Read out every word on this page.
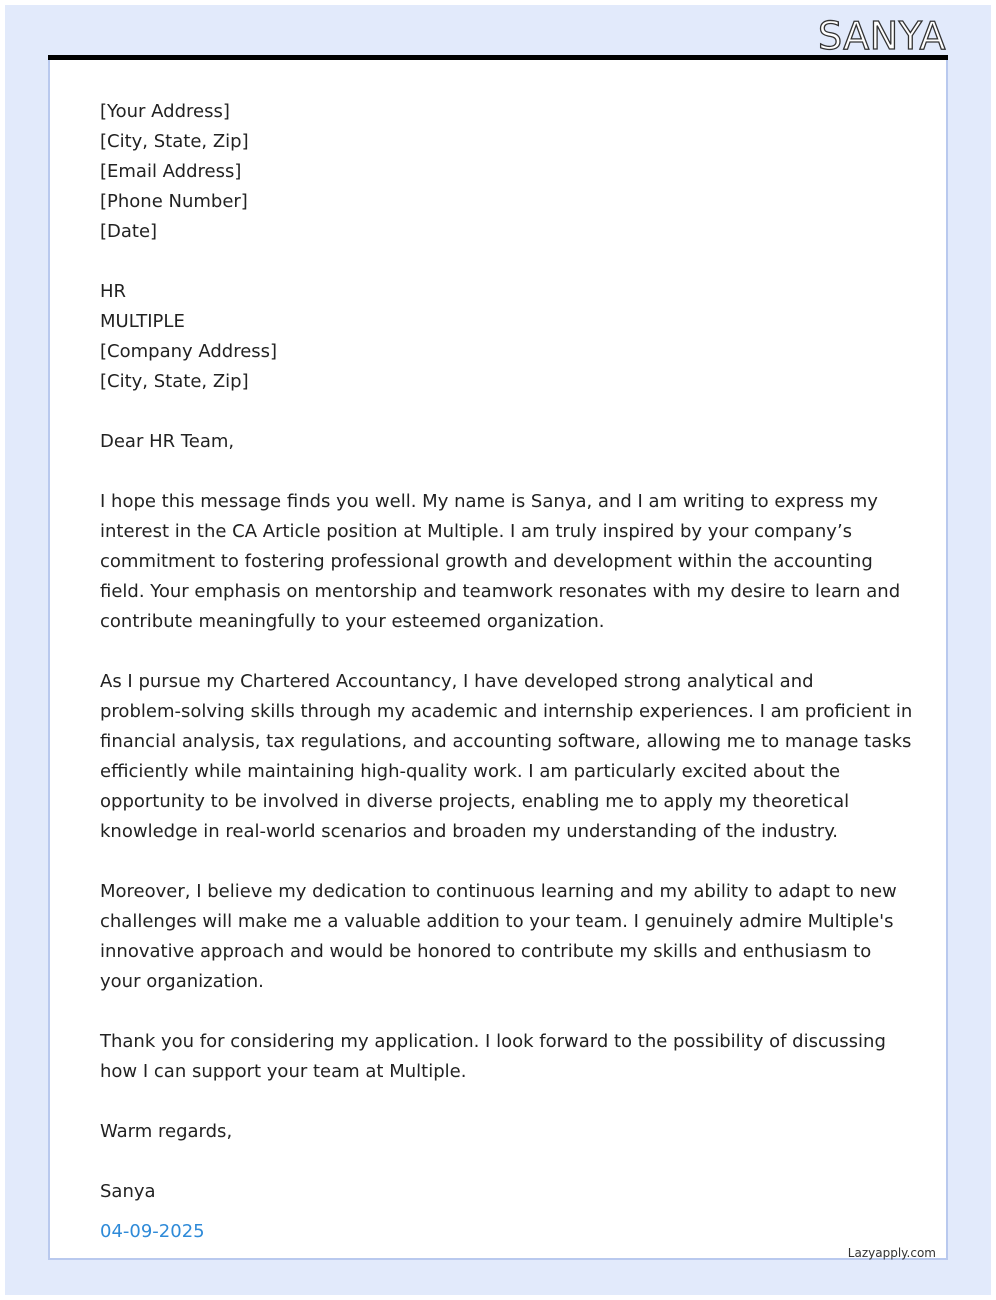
SANYA
[Your Address]
[City, State, Zip]
[Email Address]
[Phone Number]
[Date]
HR
MULTIPLE
[Company Address]
[City, State, Zip]
Dear HR Team,
I hope this message finds you well. My name is Sanya, and I am writing to express my
interest in the CA Article position at Multiple. I am truly inspired by your company’s
commitment to fostering professional growth and development within the accounting
field. Your emphasis on mentorship and teamwork resonates with my desire to learn and
contribute meaningfully to your esteemed organization.
As I pursue my Chartered Accountancy, I have developed strong analytical and
problem-solving skills through my academic and internship experiences. I am proficient in
financial analysis, tax regulations, and accounting software, allowing me to manage tasks
efficiently while maintaining high-quality work. I am particularly excited about the
opportunity to be involved in diverse projects, enabling me to apply my theoretical
knowledge in real-world scenarios and broaden my understanding of the industry.
Moreover, I believe my dedication to continuous learning and my ability to adapt to new
challenges will make me a valuable addition to your team. I genuinely admire Multiple's
innovative approach and would be honored to contribute my skills and enthusiasm to
your organization.
Thank you for considering my application. I look forward to the possibility of discussing
how I can support your team at Multiple.
Warm regards,
Sanya
04-09-2025
Lazyapply.com
